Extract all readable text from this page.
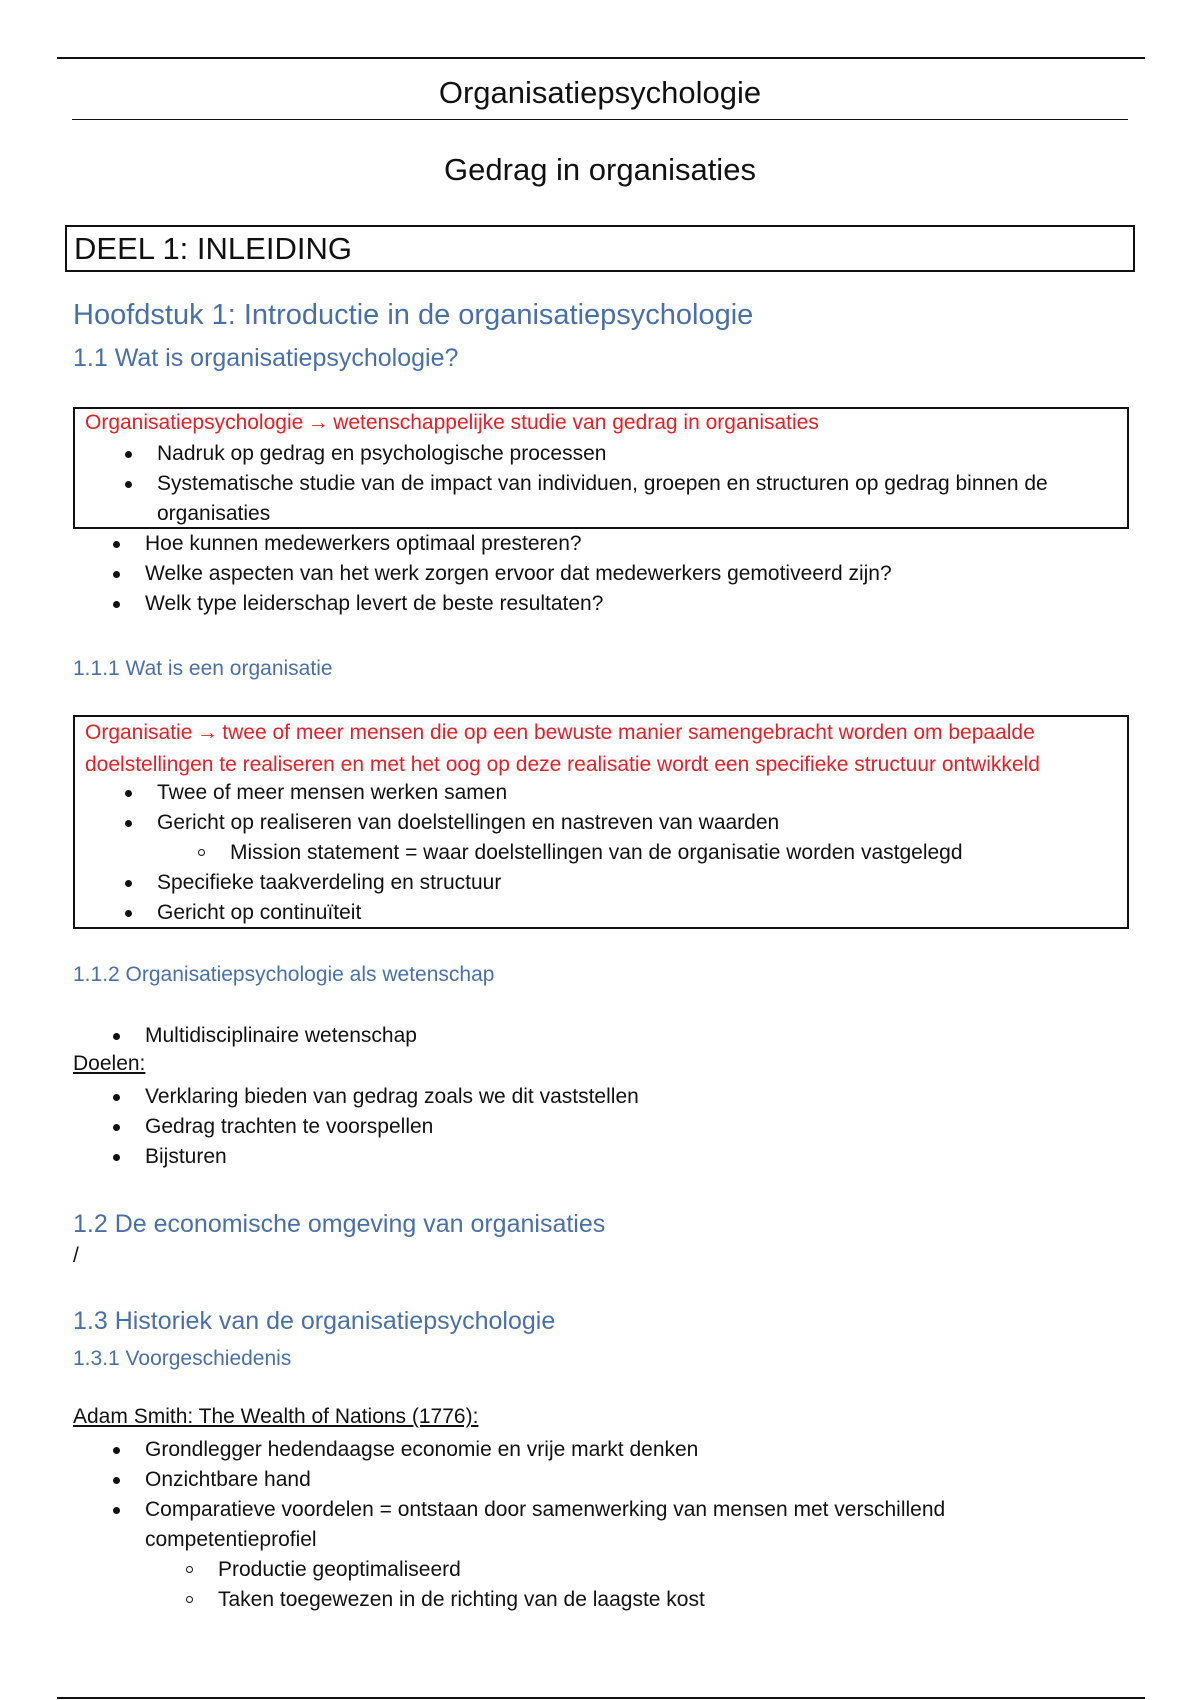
Organisatiepsychologie
Gedrag in organisaties
DEEL 1: INLEIDING
Hoofdstuk 1: Introductie in de organisatiepsychologie
1.1 Wat is organisatiepsychologie?
Organisatiepsychologie → wetenschappelijke studie van gedrag in organisaties
Nadruk op gedrag en psychologische processen
Systematische studie van de impact van individuen, groepen en structuren op gedrag binnen de organisaties
Hoe kunnen medewerkers optimaal presteren?
Welke aspecten van het werk zorgen ervoor dat medewerkers gemotiveerd zijn?
Welk type leiderschap levert de beste resultaten?
1.1.1 Wat is een organisatie
Organisatie → twee of meer mensen die op een bewuste manier samengebracht worden om bepaalde doelstellingen te realiseren en met het oog op deze realisatie wordt een specifieke structuur ontwikkeld
Twee of meer mensen werken samen
Gericht op realiseren van doelstellingen en nastreven van waarden
Mission statement = waar doelstellingen van de organisatie worden vastgelegd
Specifieke taakverdeling en structuur
Gericht op continuïteit
1.1.2 Organisatiepsychologie als wetenschap
Multidisciplinaire wetenschap
Doelen:
Verklaring bieden van gedrag zoals we dit vaststellen
Gedrag trachten te voorspellen
Bijsturen
1.2 De economische omgeving van organisaties
/
1.3 Historiek van de organisatiepsychologie
1.3.1 Voorgeschiedenis
Adam Smith: The Wealth of Nations (1776):
Grondlegger hedendaagse economie en vrije markt denken
Onzichtbare hand
Comparatieve voordelen = ontstaan door samenwerking van mensen met verschillend competentieprofiel
Productie geoptimaliseerd
Taken toegewezen in de richting van de laagste kost
